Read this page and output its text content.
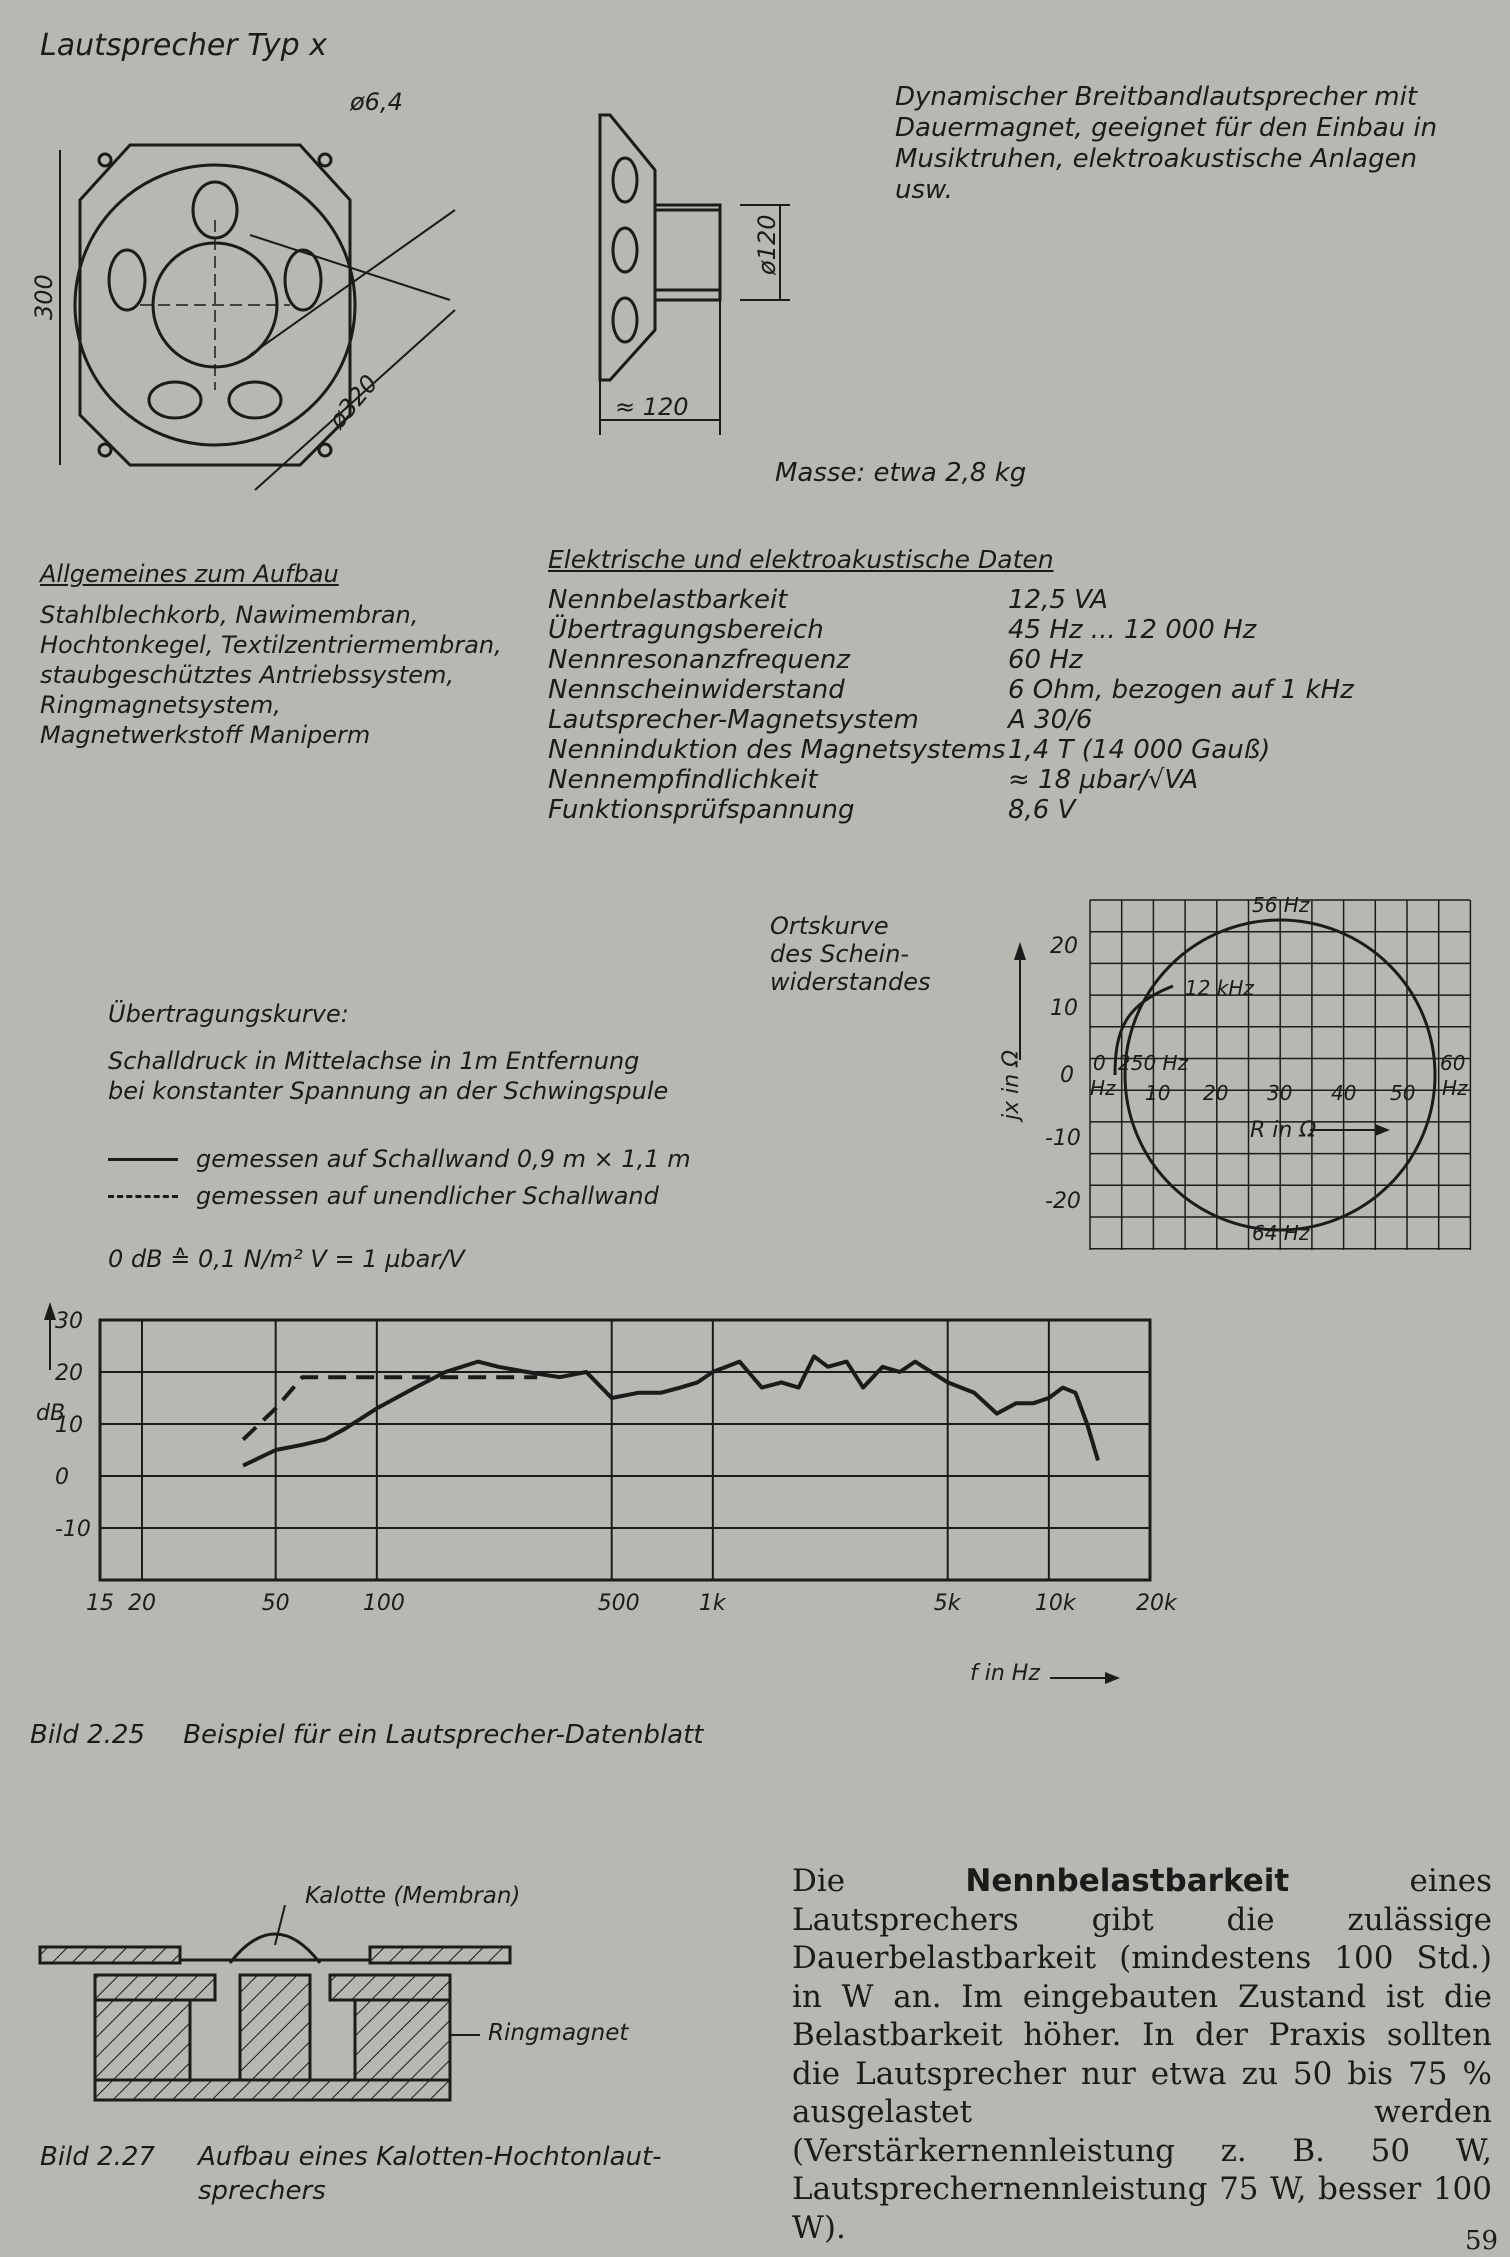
Lautsprecher Typ x
ø6,4
300
ø320
ø120
≈ 120
Dynamischer Breitbandlautsprecher mit Dauermagnet, geeignet für den Einbau in Musiktruhen, elektroakustische Anlagen usw.
Masse: etwa 2,8 kg
Allgemeines zum Aufbau
Stahlblechkorb, Nawimembran,
Hochtonkegel, Textilzentriermembran,
staubgeschütztes Antriebssystem,
Ringmagnetsystem,
Magnetwerkstoff Maniperm
Elektrische und elektroakustische Daten
Nennbelastbarkeit	12,5 VA
Übertragungsbereich	45 Hz ... 12 000 Hz
Nennresonanzfrequenz	60 Hz
Nennscheinwiderstand	6 Ohm, bezogen auf 1 kHz
Lautsprecher-Magnetsystem	A 30/6
Nenninduktion des Magnetsystems 1,4 T (14 000 Gauß)
Nennempfindlichkeit	≈ 18 µbar/√VA
Funktionsprüfspannung	8,6 V
Ortskurve
des Schein-
widerstandes
jx in Ω
R in Ω
20
10
0
-10
-20
0
10 20 30 40 50
60
56 Hz
12 kHz
250 Hz
64 Hz
Hz	Hz
Übertragungskurve:
Schalldruck in Mittelachse in 1m Entfernung
bei konstanter Spannung an der Schwingspule
gemessen auf Schallwand 0,9 m × 1,1 m
gemessen auf unendlicher Schallwand
0 dB ≙ 0,1 N/m² V = 1 µbar/V
15 20	50	100	500	1k	5k	10k	20k
30
20
10
0
-10
dB
f in Hz
Bild 2.25 Beispiel für ein Lautsprecher-Datenblatt
Kalotte (Membran)
Ringmagnet
Bild 2.27 Aufbau eines Kalotten-Hochtonlaut-
sprechers
Die Nennbelastbarkeit eines Lautsprechers gibt die zulässige Dauerbelastbarkeit (mindestens 100 Std.) in W an. Im eingebauten Zustand ist die Belastbarkeit höher. In der Praxis sollten die Lautsprecher nur etwa zu 50 bis 75 % ausgelastet werden (Verstärkernennleistung z. B. 50 W, Lautsprechernennleistung 75 W, besser 100 W).	59
